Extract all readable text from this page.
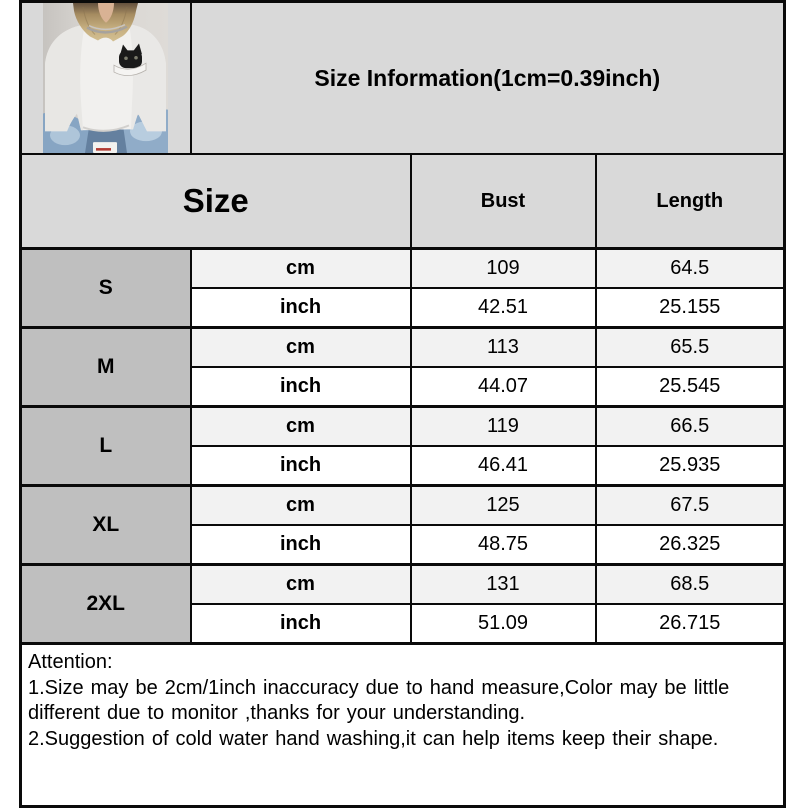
	Size Information(1cm=0.39inch)		
Size		Bust	Length
S	cm	109	64.5
	inch	42.51	25.155
M	cm	113	65.5
	inch	44.07	25.545
L	cm	119	66.5
	inch	46.41	25.935
XL	cm	125	67.5
	inch	48.75	26.325
2XL	cm	131	68.5
	inch	51.09	26.715

Attention:
1.Size may be 2cm/1inch inaccuracy due to hand measure,Color may be little different due to monitor ,thanks for your understanding.
2.Suggestion of cold water hand washing,it can help items keep their shape.			
